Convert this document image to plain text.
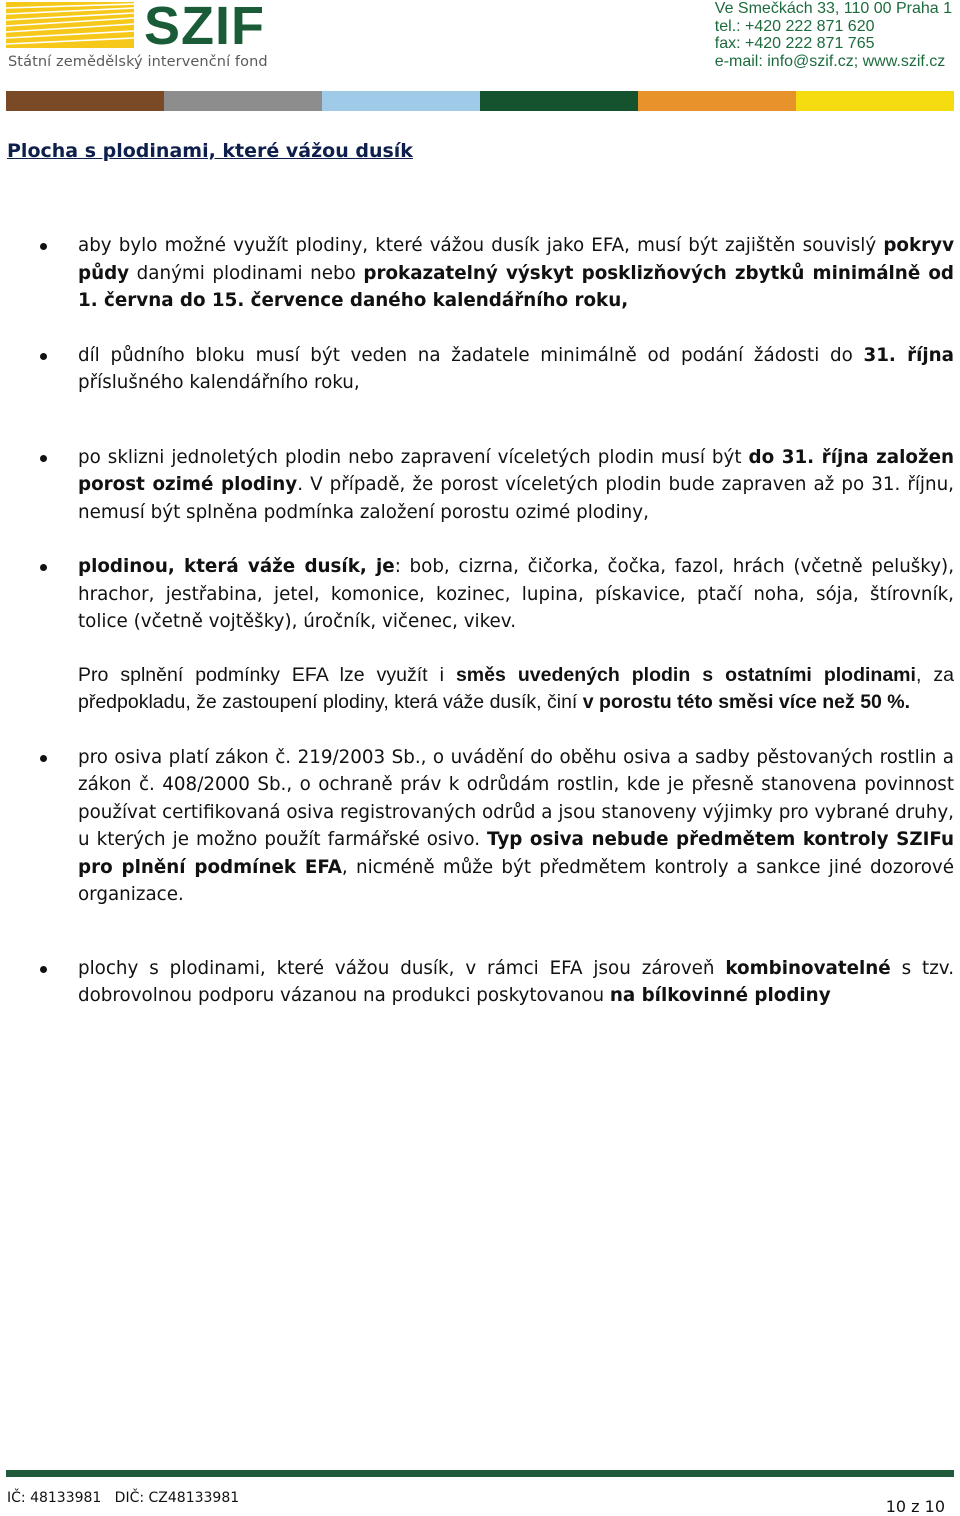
SZIF
Státní zemědělský intervenční fond
Ve Smečkách 33, 110 00 Praha 1
tel.: +420 222 871 620
fax: +420 222 871 765
e-mail: info@szif.cz; www.szif.cz
Plocha s plodinami, které vážou dusík
aby bylo možné využít plodiny, které vážou dusík jako EFA, musí být zajištěn souvislý pokryv půdy danými plodinami nebo prokazatelný výskyt posklizňových zbytků minimálně od 1. června do 15. července daného kalendářního roku,
díl půdního bloku musí být veden na žadatele minimálně od podání žádosti do 31. října příslušného kalendářního roku,
po sklizni jednoletých plodin nebo zapravení víceletých plodin musí být do 31. října založen porost ozimé plodiny. V případě, že porost víceletých plodin bude zapraven až po 31. říjnu, nemusí být splněna podmínka založení porostu ozimé plodiny,
plodinou, která váže dusík, je: bob, cizrna, čičorka, čočka, fazol, hrách (včetně pelušky), hrachor, jestřabina, jetel, komonice, kozinec, lupina, pískavice, ptačí noha, sója, štírovník, tolice (včetně vojtěšky), úročník, vičenec, vikev.
Pro splnění podmínky EFA lze využít i směs uvedených plodin s ostatními plodinami, za předpokladu, že zastoupení plodiny, která váže dusík, činí v porostu této směsi více než 50 %.
pro osiva platí zákon č. 219/2003 Sb., o uvádění do oběhu osiva a sadby pěstovaných rostlin a zákon č. 408/2000 Sb., o ochraně práv k odrůdám rostlin, kde je přesně stanovena povinnost používat certifikovaná osiva registrovaných odrůd a jsou stanoveny výjimky pro vybrané druhy, u kterých je možno použít farmářské osivo. Typ osiva nebude předmětem kontroly SZIFu pro plnění podmínek EFA, nicméně může být předmětem kontroly a sankce jiné dozorové organizace.
plochy s plodinami, které vážou dusík, v rámci EFA jsou zároveň kombinovatelné s tzv. dobrovolnou podporu vázanou na produkci poskytovanou na bílkovinné plodiny
IČ: 48133981   DIČ: CZ48133981	10 z 10
